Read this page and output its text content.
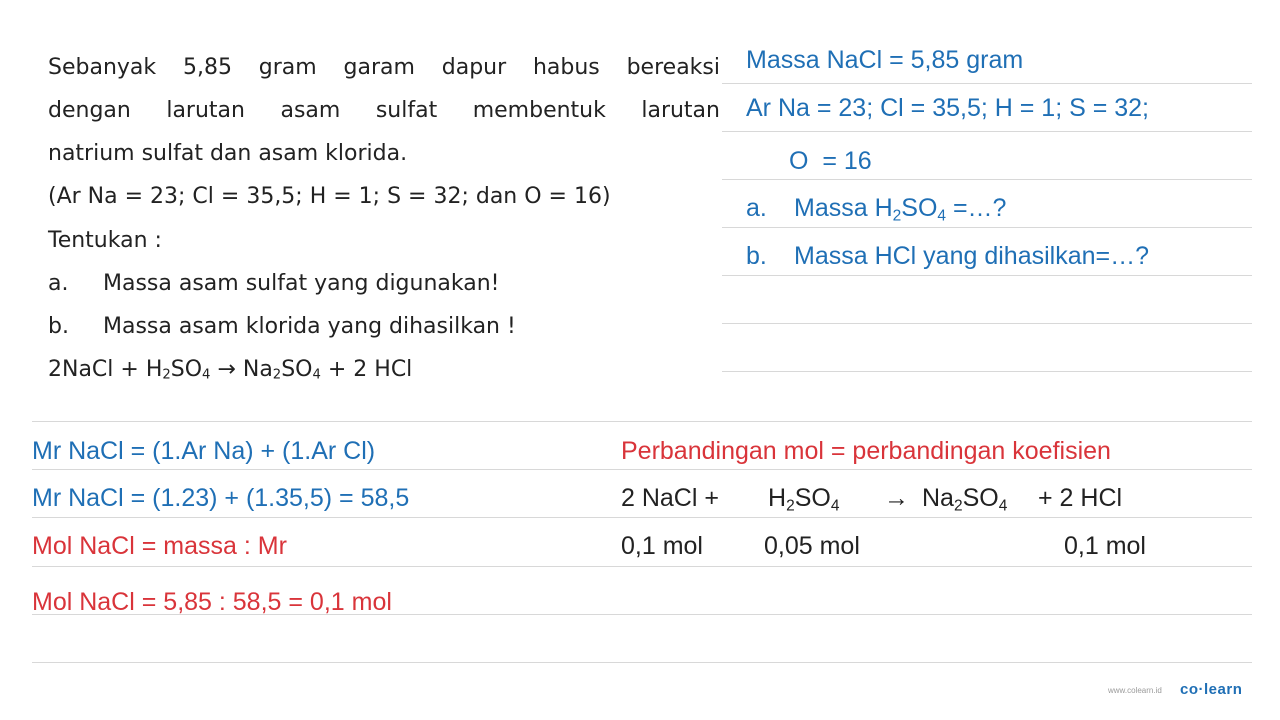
Sebanyak 5,85 gram garam dapur habus bereaksi
dengan larutan asam sulfat membentuk larutan
natrium sulfat dan asam klorida.
(Ar Na = 23; Cl = 35,5; H = 1; S = 32; dan O = 16)
Tentukan :
a. Massa asam sulfat yang digunakan!
b. Massa asam klorida yang dihasilkan !
2NaCl + $H_2SO_4 \to Na_2SO_4 + 2$ HCl
Massa NaCl = 5,85 gram
Ar Na = 23; Cl = 35,5; H = 1; S = 32;
O  = 16
a. Massa $H_2SO_4$ =…?
b. Massa HCl yang dihasilkan=…?
Mr NaCl = (1.Ar Na) + (1.Ar Cl)
Mr NaCl = (1.23) + (1.35,5) = 58,5
Mol NaCl = massa : Mr
Mol NaCl = 5,85 : 58,5 = 0,1 mol
Perbandingan mol = perbandingan koefisien
2 NaCl + $H_2SO_4 \to Na_2SO_4 + 2$ HCl
0,1 mol 0,05 mol	0,1 mol
www.colearn.id co·learn
